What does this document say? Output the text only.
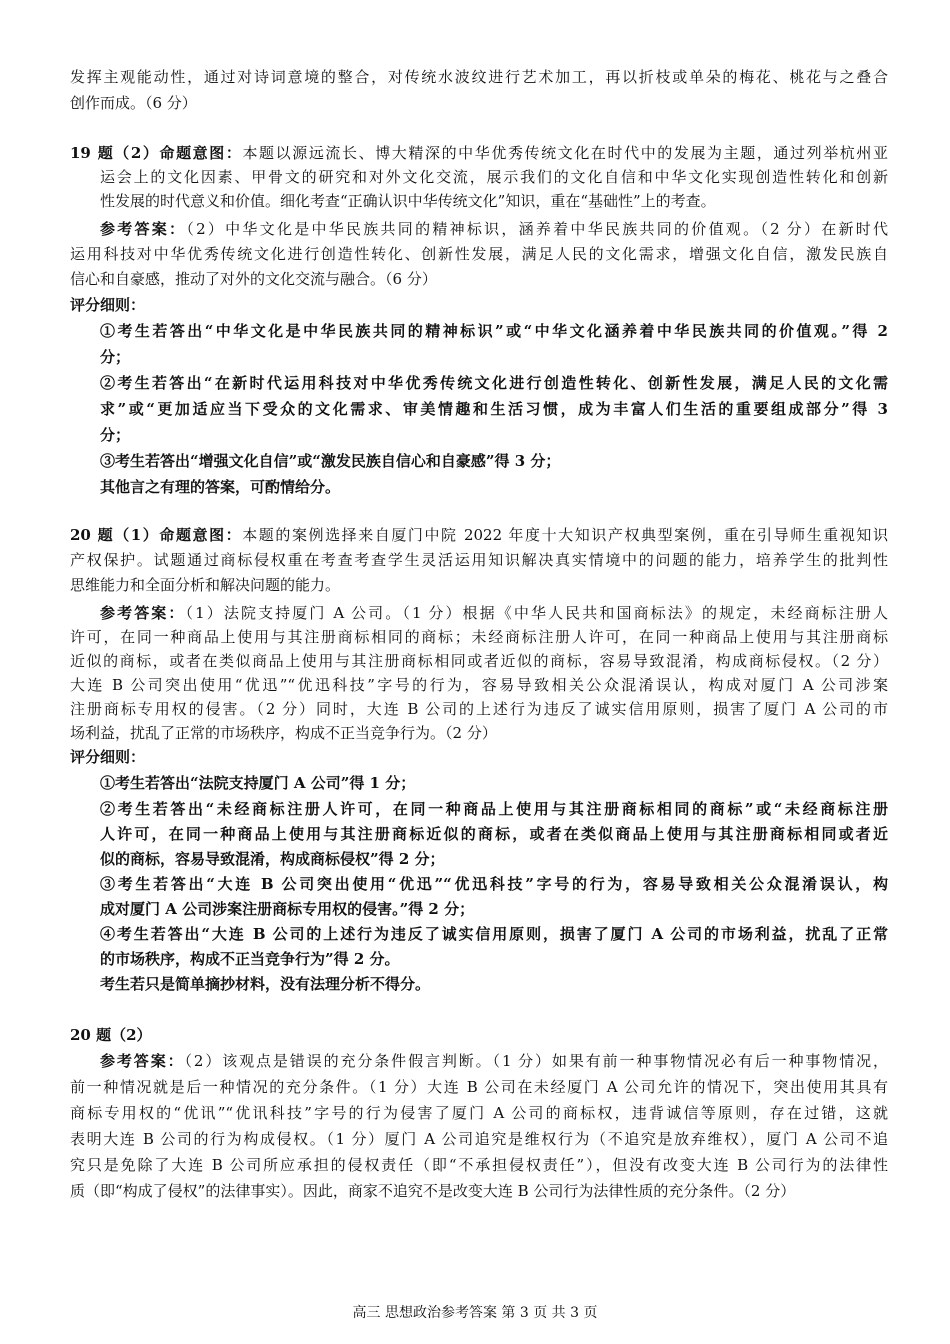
发挥主观能动性，通过对诗词意境的整合，对传统水波纹进行艺术加工，再以折枝或单朵的梅花、桃花与之叠合
创作而成。（6 分）
19 题（2）命题意图：本题以源远流长、博大精深的中华优秀传统文化在时代中的发展为主题，通过列举杭州亚
运会上的文化因素、甲骨文的研究和对外文化交流，展示我们的文化自信和中华文化实现创造性转化和创新
性发展的时代意义和价值。细化考查“正确认识中华传统文化”知识，重在“基础性”上的考查。
参考答案：（2）中华文化是中华民族共同的精神标识，涵养着中华民族共同的价值观。（2 分）在新时代
运用科技对中华优秀传统文化进行创造性转化、创新性发展，满足人民的文化需求，增强文化自信，激发民族自
信心和自豪感，推动了对外的文化交流与融合。（6 分）
评分细则：
①考生若答出“中华文化是中华民族共同的精神标识”或“中华文化涵养着中华民族共同的价值观。”得 2
分；
②考生若答出“在新时代运用科技对中华优秀传统文化进行创造性转化、创新性发展，满足人民的文化需
求”或“更加适应当下受众的文化需求、审美情趣和生活习惯，成为丰富人们生活的重要组成部分”得 3
分；
③考生若答出“增强文化自信”或“激发民族自信心和自豪感”得 3 分；
其他言之有理的答案，可酌情给分。
20 题（1）命题意图：本题的案例选择来自厦门中院 2022 年度十大知识产权典型案例，重在引导师生重视知识
产权保护。试题通过商标侵权重在考查考查学生灵活运用知识解决真实情境中的问题的能力，培养学生的批判性
思维能力和全面分析和解决问题的能力。
参考答案：（1）法院支持厦门 A 公司。（1 分）根据《中华人民共和国商标法》的规定，未经商标注册人
许可，在同一种商品上使用与其注册商标相同的商标；未经商标注册人许可，在同一种商品上使用与其注册商标
近似的商标，或者在类似商品上使用与其注册商标相同或者近似的商标，容易导致混淆，构成商标侵权。（2 分）
大连 B 公司突出使用“优迅”“优迅科技”字号的行为，容易导致相关公众混淆误认，构成对厦门 A 公司涉案
注册商标专用权的侵害。（2 分）同时，大连 B 公司的上述行为违反了诚实信用原则，损害了厦门 A 公司的市
场利益，扰乱了正常的市场秩序，构成不正当竞争行为。（2 分）
评分细则：
①考生若答出“法院支持厦门 A 公司”得 1 分；
②考生若答出“未经商标注册人许可，在同一种商品上使用与其注册商标相同的商标”或“未经商标注册
人许可，在同一种商品上使用与其注册商标近似的商标，或者在类似商品上使用与其注册商标相同或者近
似的商标，容易导致混淆，构成商标侵权”得 2 分；
③考生若答出“大连 B 公司突出使用“优迅”“优迅科技”字号的行为，容易导致相关公众混淆误认，构
成对厦门 A 公司涉案注册商标专用权的侵害。”得 2 分；
④考生若答出“大连 B 公司的上述行为违反了诚实信用原则，损害了厦门 A 公司的市场利益，扰乱了正常
的市场秩序，构成不正当竞争行为”得 2 分。
考生若只是简单摘抄材料，没有法理分析不得分。
20 题（2）
参考答案：（2）该观点是错误的充分条件假言判断。（1 分）如果有前一种事物情况必有后一种事物情况，
前一种情况就是后一种情况的充分条件。（1 分）大连 B 公司在未经厦门 A 公司允许的情况下，突出使用其具有
商标专用权的“优讯”“优讯科技”字号的行为侵害了厦门 A 公司的商标权，违背诚信等原则，存在过错，这就
表明大连 B 公司的行为构成侵权。（1 分）厦门 A 公司追究是维权行为（不追究是放弃维权），厦门 A 公司不追
究只是免除了大连 B 公司所应承担的侵权责任（即“不承担侵权责任”），但没有改变大连 B 公司行为的法律性
质（即“构成了侵权”的法律事实）。因此，商家不追究不是改变大连 B 公司行为法律性质的充分条件。（2 分）
高三 思想政治参考答案 第 3 页 共 3 页
